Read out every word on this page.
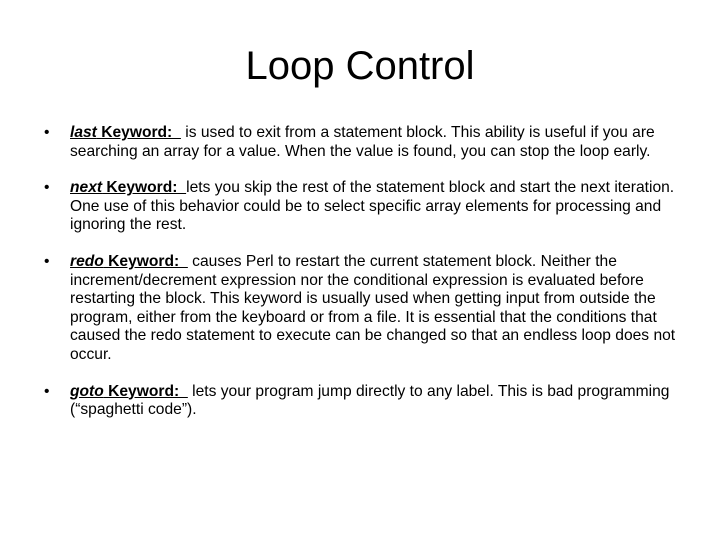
Loop Control
•	last Keyword:   is used to exit from a statement block. This ability is useful if you are searching an array for a value. When the value is found, you can stop the loop early.
•	next Keyword:  lets you skip the rest of the statement block and start the next iteration. One use of this behavior could be to select specific array elements for processing and ignoring the rest.
•	redo Keyword:   causes Perl to restart the current statement block. Neither the increment/decrement expression nor the conditional expression is evaluated before restarting the block. This keyword is usually used when getting input from outside the program, either from the keyboard or from a file. It is essential that the conditions that caused the redo statement to execute can be changed so that an endless loop does not occur.
•	goto Keyword:   lets your program jump directly to any label. This is bad programming (“spaghetti code”).
